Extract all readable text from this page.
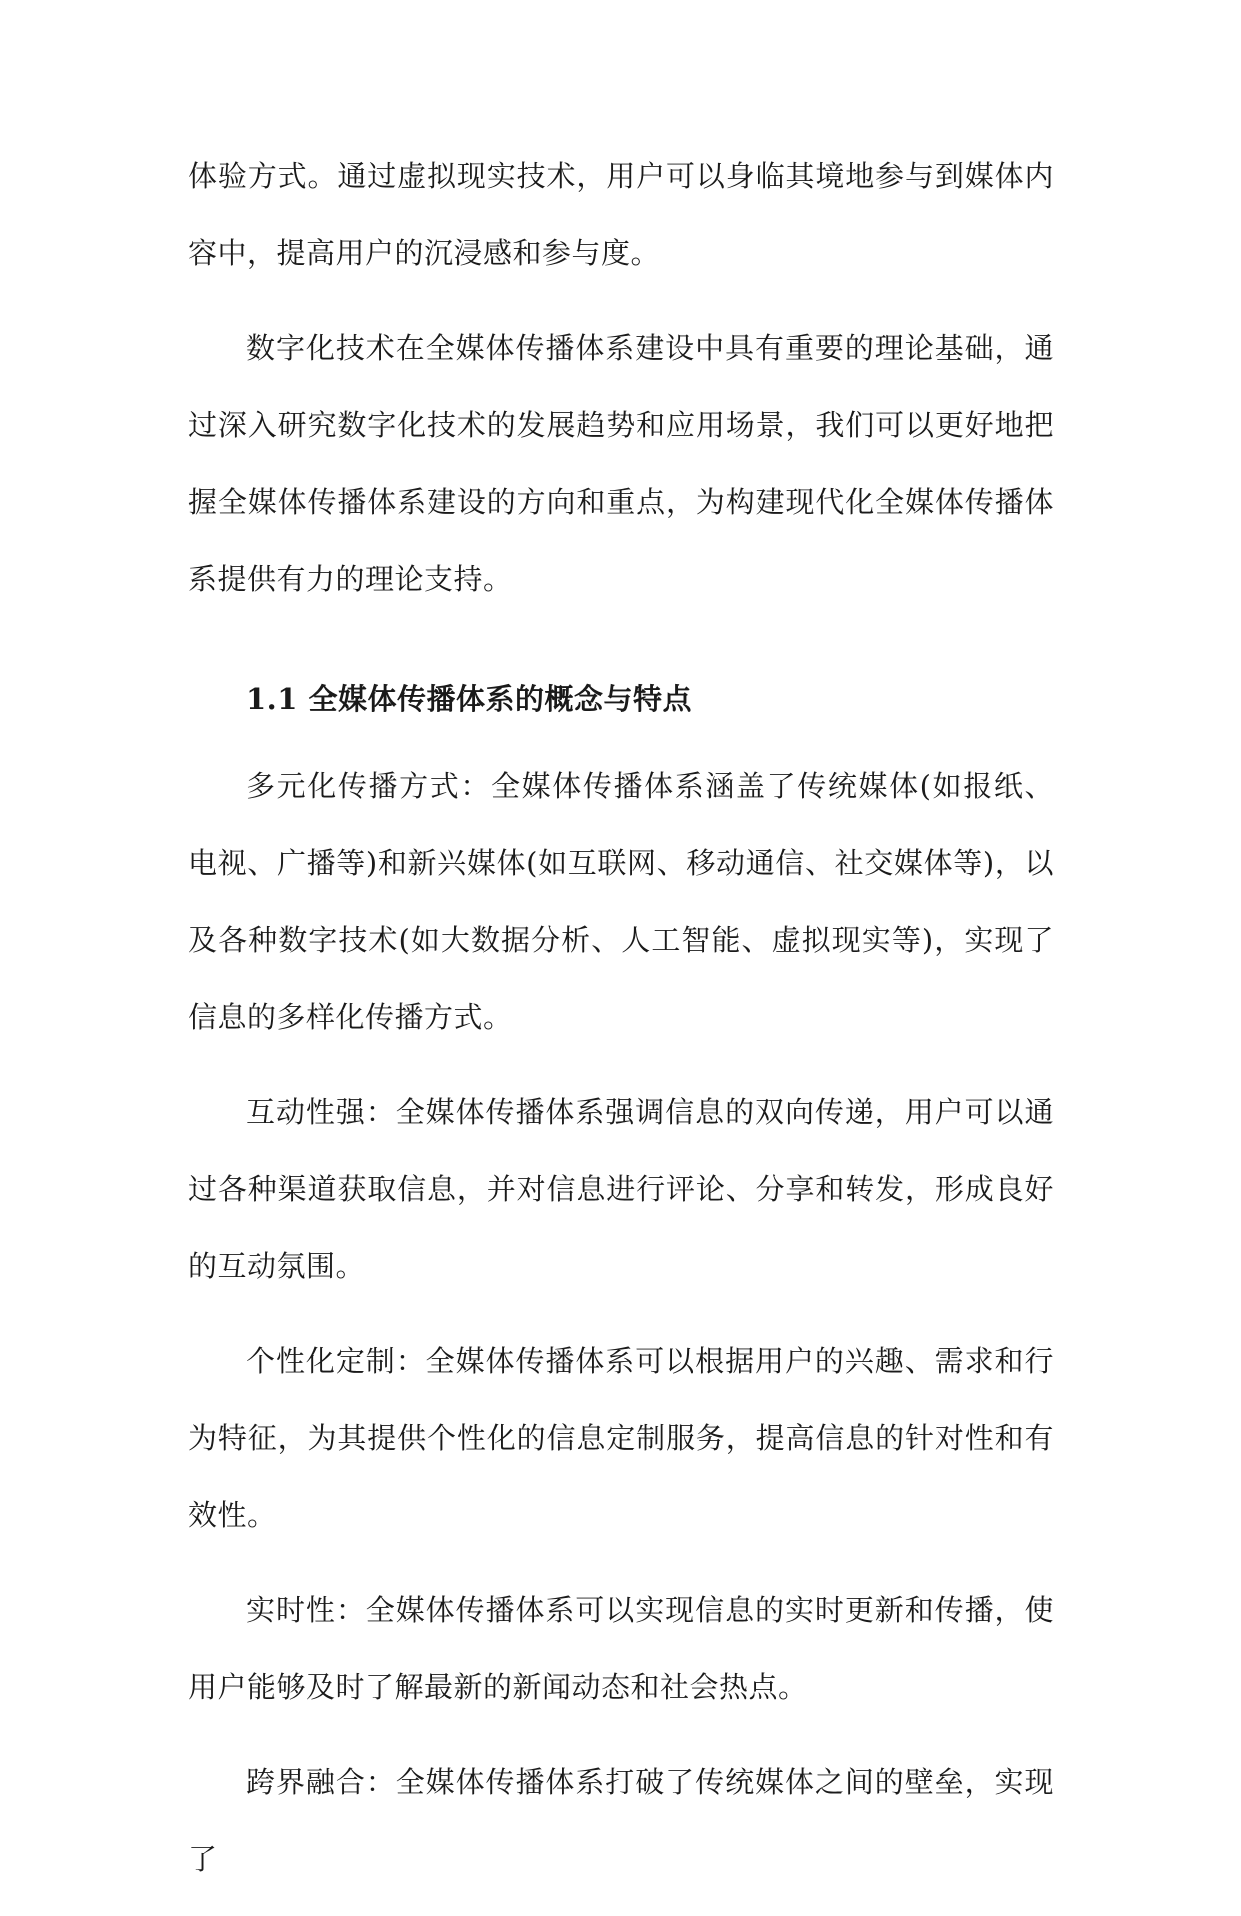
体验方式。通过虚拟现实技术，用户可以身临其境地参与到媒体内容中，提高用户的沉浸感和参与度。

数字化技术在全媒体传播体系建设中具有重要的理论基础，通过深入研究数字化技术的发展趋势和应用场景，我们可以更好地把握全媒体传播体系建设的方向和重点，为构建现代化全媒体传播体系提供有力的理论支持。

1.1 全媒体传播体系的概念与特点

多元化传播方式：全媒体传播体系涵盖了传统媒体(如报纸、电视、广播等)和新兴媒体(如互联网、移动通信、社交媒体等)，以及各种数字技术(如大数据分析、人工智能、虚拟现实等)，实现了信息的多样化传播方式。

互动性强：全媒体传播体系强调信息的双向传递，用户可以通过各种渠道获取信息，并对信息进行评论、分享和转发，形成良好的互动氛围。

个性化定制：全媒体传播体系可以根据用户的兴趣、需求和行为特征，为其提供个性化的信息定制服务，提高信息的针对性和有效性。

实时性：全媒体传播体系可以实现信息的实时更新和传播，使用户能够及时了解最新的新闻动态和社会热点。

跨界融合：全媒体传播体系打破了传统媒体之间的壁垒，实现了
